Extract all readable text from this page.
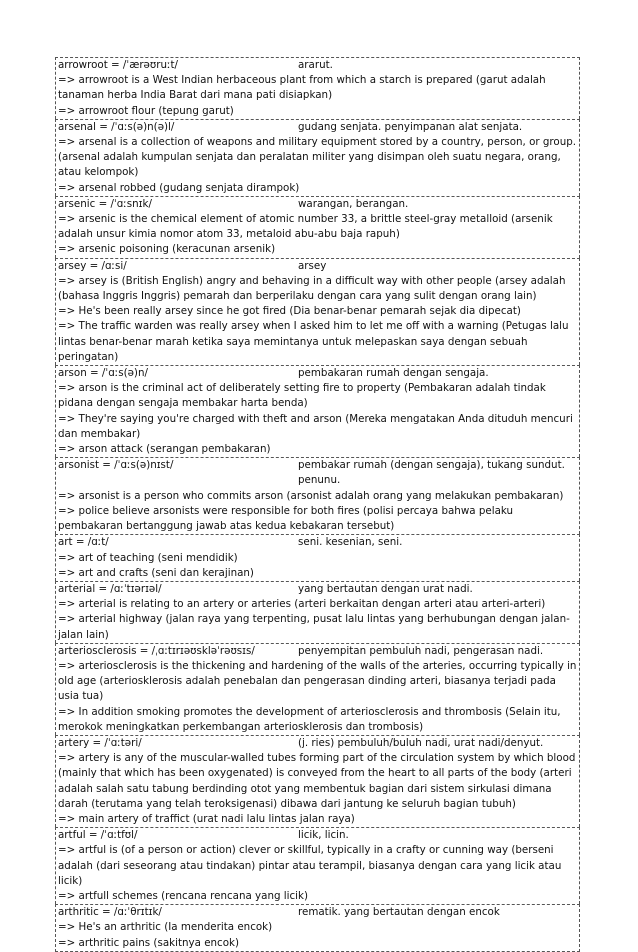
arrowroot = /ˈærəʊruːt/	ararut.
=> arrowroot is a West Indian herbaceous plant from which a starch is prepared (garut adalah tanaman herba India Barat dari mana pati disiapkan)
=> arrowroot flour (tepung garut)
arsenal = /ˈɑːs(ə)n(ə)l/	gudang senjata. penyimpanan alat senjata.
=> arsenal is a collection of weapons and military equipment stored by a country, person, or group. (arsenal adalah kumpulan senjata dan peralatan militer yang disimpan oleh suatu negara, orang, atau kelompok)
=> arsenal robbed (gudang senjata dirampok)
arsenic = /ˈɑːsnɪk/	warangan, berangan.
=> arsenic is the chemical element of atomic number 33, a brittle steel-gray metalloid (arsenik adalah unsur kimia nomor atom 33, metaloid abu-abu baja rapuh)
=> arsenic poisoning (keracunan arsenik)
arsey = /ɑːsi/	arsey
=> arsey is (British English) angry and behaving in a difficult way with other people (arsey adalah (bahasa Inggris Inggris) pemarah dan berperilaku dengan cara yang sulit dengan orang lain)
=> He's been really arsey since he got fired (Dia benar-benar pemarah sejak dia dipecat)
=> The traffic warden was really arsey when I asked him to let me off with a warning (Petugas lalu lintas benar-benar marah ketika saya memintanya untuk melepaskan saya dengan sebuah peringatan)
arson = /ˈɑːs(ə)n/	pembakaran rumah dengan sengaja.
=> arson is the criminal act of deliberately setting fire to property (Pembakaran adalah tindak pidana dengan sengaja membakar harta benda)
=> They're saying you're charged with theft and arson (Mereka mengatakan Anda dituduh mencuri dan membakar)
=> arson attack (serangan pembakaran)
arsonist = /ˈɑːs(ə)nɪst/	pembakar rumah (dengan sengaja), tukang sundut. penunu.
=> arsonist is a person who commits arson (arsonist adalah orang yang melakukan pembakaran)
=> police believe arsonists were responsible for both fires (polisi percaya bahwa pelaku pembakaran bertanggung jawab atas kedua kebakaran tersebut)
art = /ɑːt/	seni. kesenian, seni.
=> art of teaching (seni mendidik)
=> art and crafts (seni dan kerajinan)
arterial = /ɑːˈtɪərɪəl/	yang bertautan dengan urat nadi.
=> arterial is relating to an artery or arteries (arteri berkaitan dengan arteri atau arteri-arteri)
=> arterial highway (jalan raya yang terpenting, pusat lalu lintas yang berhubungan dengan jalan-jalan lain)
arteriosclerosis = /ˌɑːtɪrɪəʊskləˈrəʊsɪs/	penyempitan pembuluh nadi, pengerasan nadi.
=> arteriosclerosis is the thickening and hardening of the walls of the arteries, occurring typically in old age (arteriosklerosis adalah penebalan dan pengerasan dinding arteri, biasanya terjadi pada usia tua)
=> In addition smoking promotes the development of arteriosclerosis and thrombosis (Selain itu, merokok meningkatkan perkembangan arteriosklerosis dan trombosis)
artery = /ˈɑːtəri/	(j. ries) pembuluh/buluh nadi, urat nadi/denyut.
=> artery is any of the muscular-walled tubes forming part of the circulation system by which blood (mainly that which has been oxygenated) is conveyed from the heart to all parts of the body (arteri adalah salah satu tabung berdinding otot yang membentuk bagian dari sistem sirkulasi dimana darah (terutama yang telah teroksigenasi) dibawa dari jantung ke seluruh bagian tubuh)
=> main artery of traffict (urat nadi lalu lintas jalan raya)
artful = /ˈɑːtfʊl/	licik, licin.
=> artful is (of a person or action) clever or skillful, typically in a crafty or cunning way (berseni adalah (dari seseorang atau tindakan) pintar atau terampil, biasanya dengan cara yang licik atau licik)
=> artfull schemes (rencana rencana yang licik)
arthritic = /ɑːˈθrɪtɪk/	rematik. yang bertautan dengan encok
=> He's an arthritic (Ia menderita encok)
=> arthritic pains (sakitnya encok)
